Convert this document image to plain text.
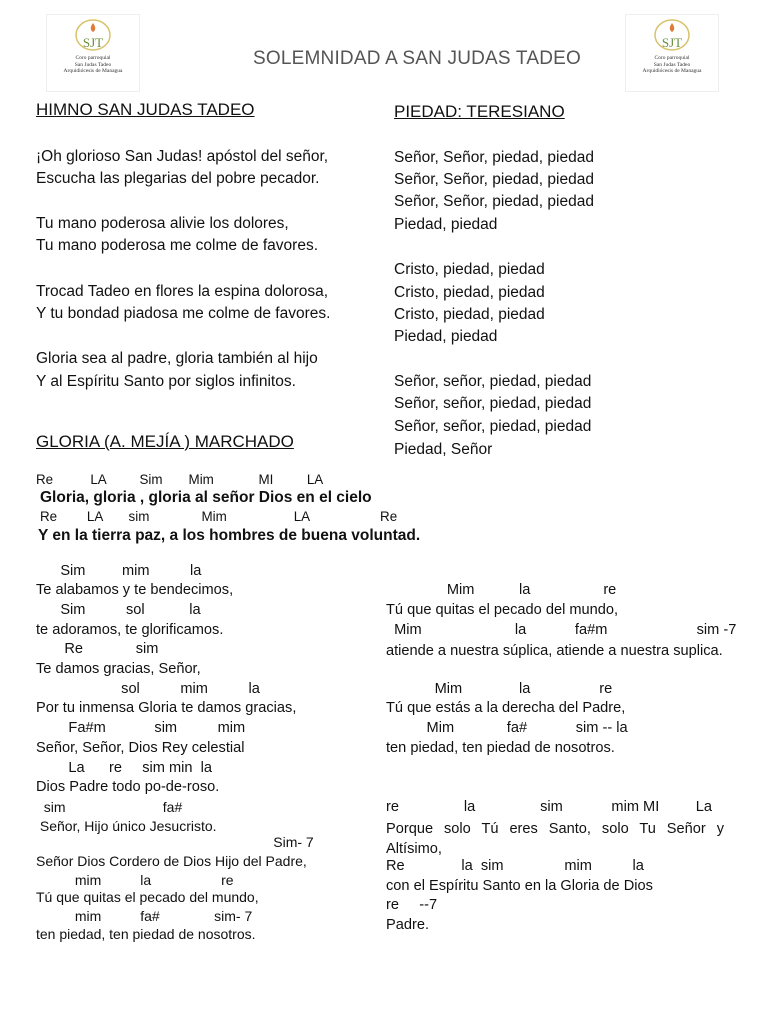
SJT
Coro parroquial
San Judas Tadeo
Arquidiócesis de Managua
SJT
Coro parroquial
San Judas Tadeo
Arquidiócesis de Managua
SOLEMNIDAD A SAN JUDAS TADEO
HIMNO SAN JUDAS TADEO
¡Oh glorioso San Judas! apóstol del señor,
Escucha las plegarias del pobre pecador.
Tu mano poderosa alivie los dolores,
Tu mano poderosa me colme de favores.
Trocad Tadeo en flores la espina dolorosa,
Y tu bondad piadosa me colme de favores.
Gloria sea al padre, gloria también al hijo
Y al Espíritu Santo por siglos infinitos.
PIEDAD: TERESIANO
Señor, Señor, piedad, piedad
Señor, Señor, piedad, piedad
Señor, Señor, piedad, piedad
Piedad, piedad
Cristo, piedad, piedad
Cristo, piedad, piedad
Cristo, piedad, piedad
Piedad, piedad
Señor, señor, piedad, piedad
Señor, señor, piedad, piedad
Señor, señor, piedad, piedad
Piedad, Señor
GLORIA (A. MEJÍA ) MARCHADO
Re          LA         Sim       Mim            MI         LA
Gloria, gloria , gloria al señor Dios en el cielo
Re        LA       sim              Mim                  LA                   Re
Y en la tierra paz, a los hombres de buena voluntad.
Sim         mim          la
Te alabamos y te bendecimos,
Sim          sol           la
te adoramos, te glorificamos.
Re             sim
Te damos gracias, Señor,
sol          mim          la
Por tu inmensa Gloria te damos gracias,
Fa#m            sim          mim
Señor, Señor, Dios Rey celestial
La      re     sim min  la
Dios Padre todo po-de-roso.
sim                         fa#
Señor, Hijo único Jesucristo.
Sim- 7
Señor Dios Cordero de Dios Hijo del Padre,
mim          la                  re
Tú que quitas el pecado del mundo,
mim          fa#              sim- 7
ten piedad, ten piedad de nosotros.
Mim           la                  re
Tú que quitas el pecado del mundo,
Mim                       la            fa#m                      sim -7
atiende a nuestra súplica, atiende a nuestra suplica.
Mim              la                 re
Tú que estás a la derecha del Padre,
Mim             fa#            sim -- la
ten piedad, ten piedad de nosotros.
re                la                sim            mim MI         La
Porque solo Tú eres Santo, solo Tu Señor y Altísimo,
Re              la  sim               mim          la
con el Espíritu Santo en la Gloria de Dios
re     --7
Padre.
